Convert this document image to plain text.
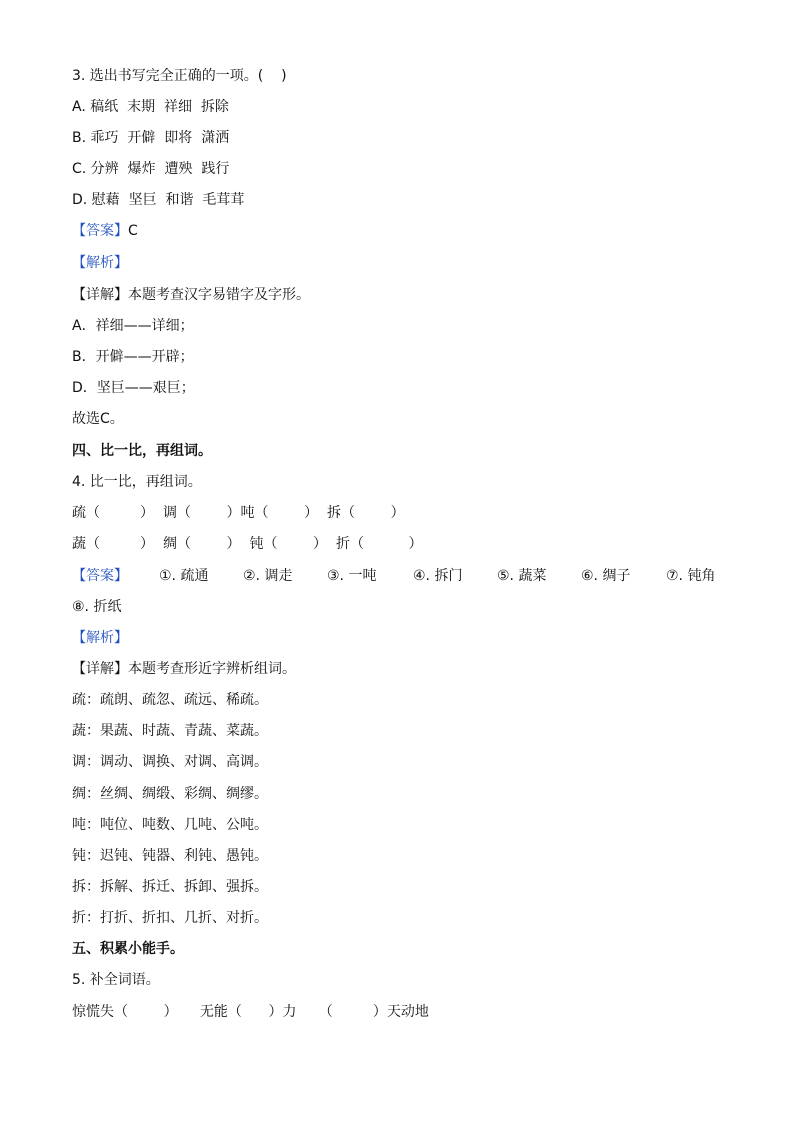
3. 选出书写完全正确的一项。(    )
A. 稿纸  末期  祥细  拆除
B. 乖巧  开僻  即将  潇洒
C. 分辨  爆炸  遭殃  践行
D. 慰藉  坚巨  和谐  毛茸茸
【答案】C
【解析】
【详解】本题考查汉字易错字及字形。
A．祥细——详细；
B．开僻——开辟；
D．坚巨——艰巨；
故选C。
四、比一比，再组词。
4. 比一比，再组词。
疏（         ）  调（        ）吨（        ）  拆（        ）
蔬（         ）  绸（        ）  钝（        ）  折（          ）

【答案】

①. 疏通

②. 调走

③. 一吨

	④. 拆门

⑤. 蔬菜

⑥. 绸子

	⑦. 钝角

⑧. 折纸
【解析】
【详解】本题考查形近字辨析组词。
疏：疏朗、疏忽、疏远、稀疏。
蔬：果蔬、时蔬、青蔬、菜蔬。
调：调动、调换、对调、高调。
绸：丝绸、绸缎、彩绸、绸缪。
吨：吨位、吨数、几吨、公吨。
钝：迟钝、钝器、利钝、愚钝。
拆：拆解、拆迁、拆卸、强拆。
折：打折、折扣、几折、对折。
五、积累小能手。
5. 补全词语。
惊慌失（        ）     无能（      ）力     （         ）天动地
